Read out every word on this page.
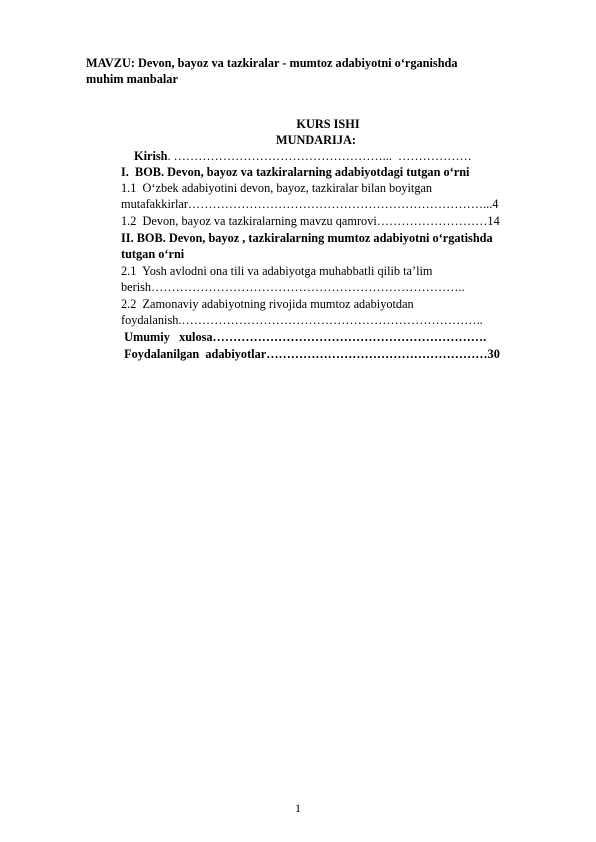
MAVZU: Devon, bayoz va tazkiralar - mumtoz adabiyotni o‘rganishda
muhim manbalar
KURS ISHI
MUNDARIJA:
Kirish. ……………………………………………...  ………………
I.  BOB. Devon, bayoz va tazkiralarning adabiyotdagi tutgan o‘rni
1.1  O‘zbek adabiyotini devon, bayoz, tazkiralar bilan boyitgan
mutafakkirlar………………………………………………………………...4
1.2  Devon, bayoz va tazkiralarning mavzu qamrovi………………………14
II. BOB. Devon, bayoz , tazkiralarning mumtoz adabiyotni o‘rgatishda
tutgan o‘rni
2.1  Yosh avlodni ona tili va adabiyotga muhabbatli qilib ta’lim
berish…………………………………………………………………..
2.2  Zamonaviy adabiyotning rivojida mumtoz adabiyotdan
foydalanish.………………………………………………………………..
Umumiy   xulosa………………………………………………………….
Foydalanilgan  adabiyotlar………………………………………………30
1
